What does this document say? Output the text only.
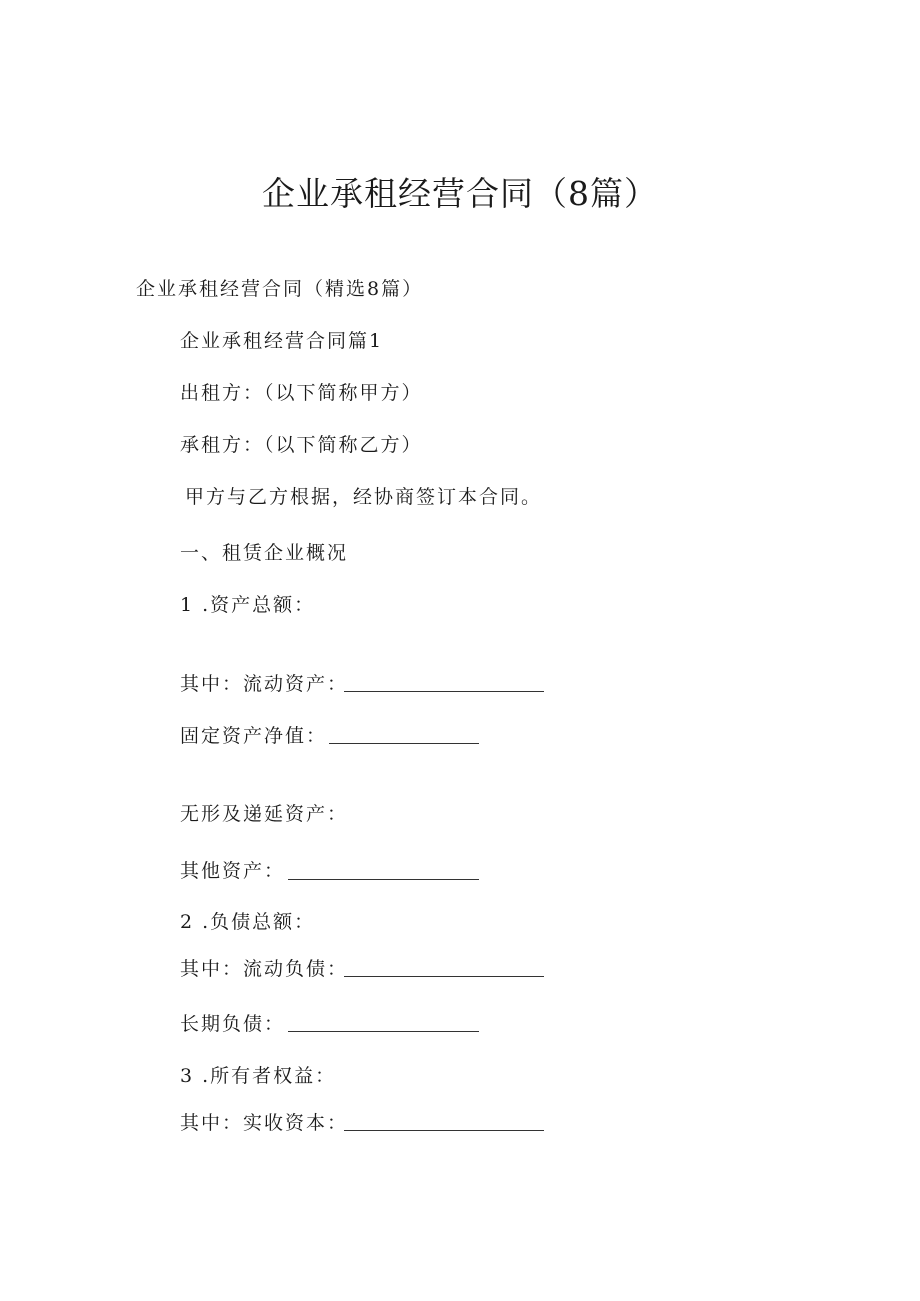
企业承租经营合同（8篇）

企业承租经营合同（精选8篇）

企业承租经营合同篇1

出租方：（以下简称甲方）

承租方：（以下简称乙方）

甲方与乙方根据，经协商签订本合同。

一、租赁企业概况

1 .资产总额：

其中：流动资产：

固定资产净值：

无形及递延资产：

其他资产：

2 .负债总额：

其中：流动负债：

长期负债：

3 .所有者权益：

其中：实收资本：
